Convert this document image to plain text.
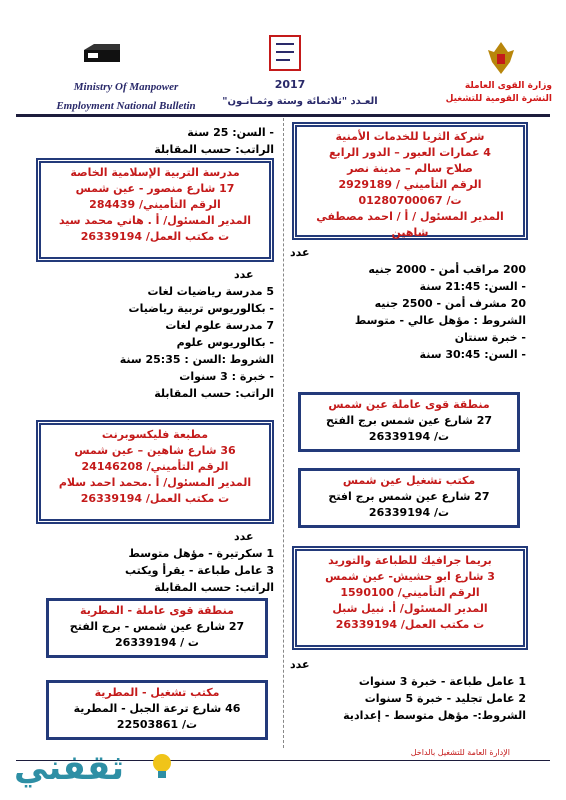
Ministry Of Manpower
Employment National Bulletin
2017
العـدد "ثلاثمائة وستة وثمـانـون"
وزارة القوى العاملة
النشرة القومية للتشغيل
شركة الثريا للخدمات الأمنية
4 عمارات العبور – الدور الرابع
صلاح سالم – مدينة نصر
الرقم التأميني / 2929189
ت/ 01280700067
المدير المسئول / أ / احمد مصطفي شاهين
عدد
200 مراقب أمن - 2000 جنيه
- السن: 21:45 سنة
20 مشرف أمن - 2500 جنيه
الشروط : مؤهل عالي - متوسط
- خبرة سنتان
- السن: 30:45 سنة
منطقة قوى عاملة عين شمس
27 شارع عين شمس برج الفتح
ت/ 26339194
مكتب تشغيل عين شمس
27 شارع عين شمس برج افتح
ت/ 26339194
بريما جرافيك للطباعة والتوريد
3 شارع ابو حشيش- عين شمس
الرقم التأميني/ 1590100
المدير المسئول/ أ. نبيل شبل
ت مكتب العمل/ 26339194
عدد
1 عامل طباعة - خبرة 3 سنوات
2 عامل تجليد - خبرة 5 سنوات
الشروط:- مؤهل متوسط - إعدادية
- السن: 25 سنة
الراتب: حسب المقابلة
مدرسة التربية الإسلامية الخاصة
17 شارع منصور - عين شمس
الرقم التأميني/ 284439
المدير المسئول/ أ . هاني محمد سيد
ت مكتب العمل/ 26339194
عدد
5 مدرسة رياضيات لغات
- بكالوريوس تربية رياضيات
7 مدرسة علوم لغات
- بكالوريوس علوم
الشروط :السن : 25:35 سنة
- خبرة : 3 سنوات
الراتب: حسب المقابلة
مطبعة فليكسوبرنت
36 شارع شاهين – عين شمس
الرقم التأميني/ 24146208
المدير المسئول/ أ .محمد احمد سلام
ت مكتب العمل/ 26339194
عدد
1 سكرتيرة - مؤهل متوسط
3 عامل طباعة - يقرأ ويكتب
الراتب: حسب المقابلة
منطقة قوى عاملة - المطرية
27 شارع عين شمس - برج الفتح
ت / 26339194
مكتب تشغيل - المطرية
46 شارع ترعة الجبل - المطرية
ت/ 22503861
الإدارة العامة للتشغيل بالداخل
ثقفني
